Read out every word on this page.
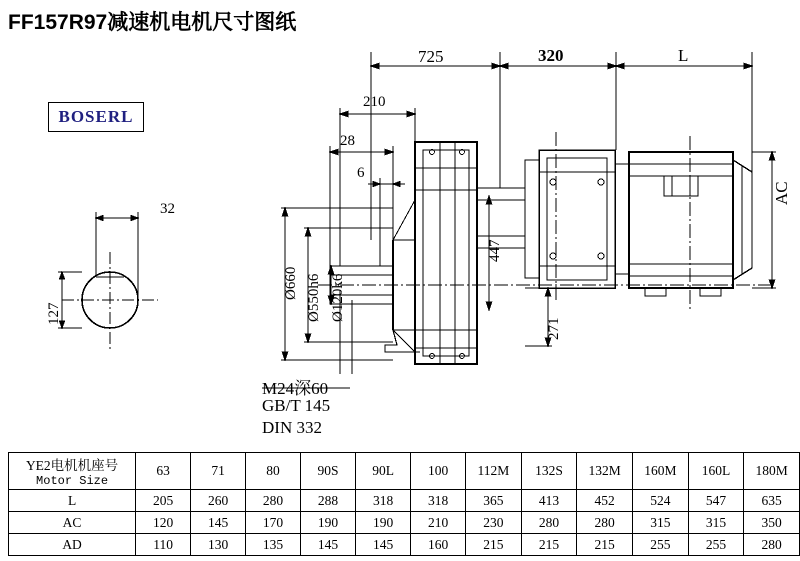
FF157R97减速机电机尺寸图纸
BOSERL
725	320	L
210
28
6
32
127
Ø660 Ø550h6 Ø120k6
447
271
AC
M24深60
GB/T 145
DIN 332
YE2电机机座号
Motor Size	63	71	80	90S	90L	100	112M	132S	132M	160M	160L	180M
L	205	260	280	288	318	318	365	413	452	524	547	635
AC	120	145	170	190	190	210	230	280	280	315	315	350
AD	110	130	135	145	145	160	215	215	215	255	255	280
